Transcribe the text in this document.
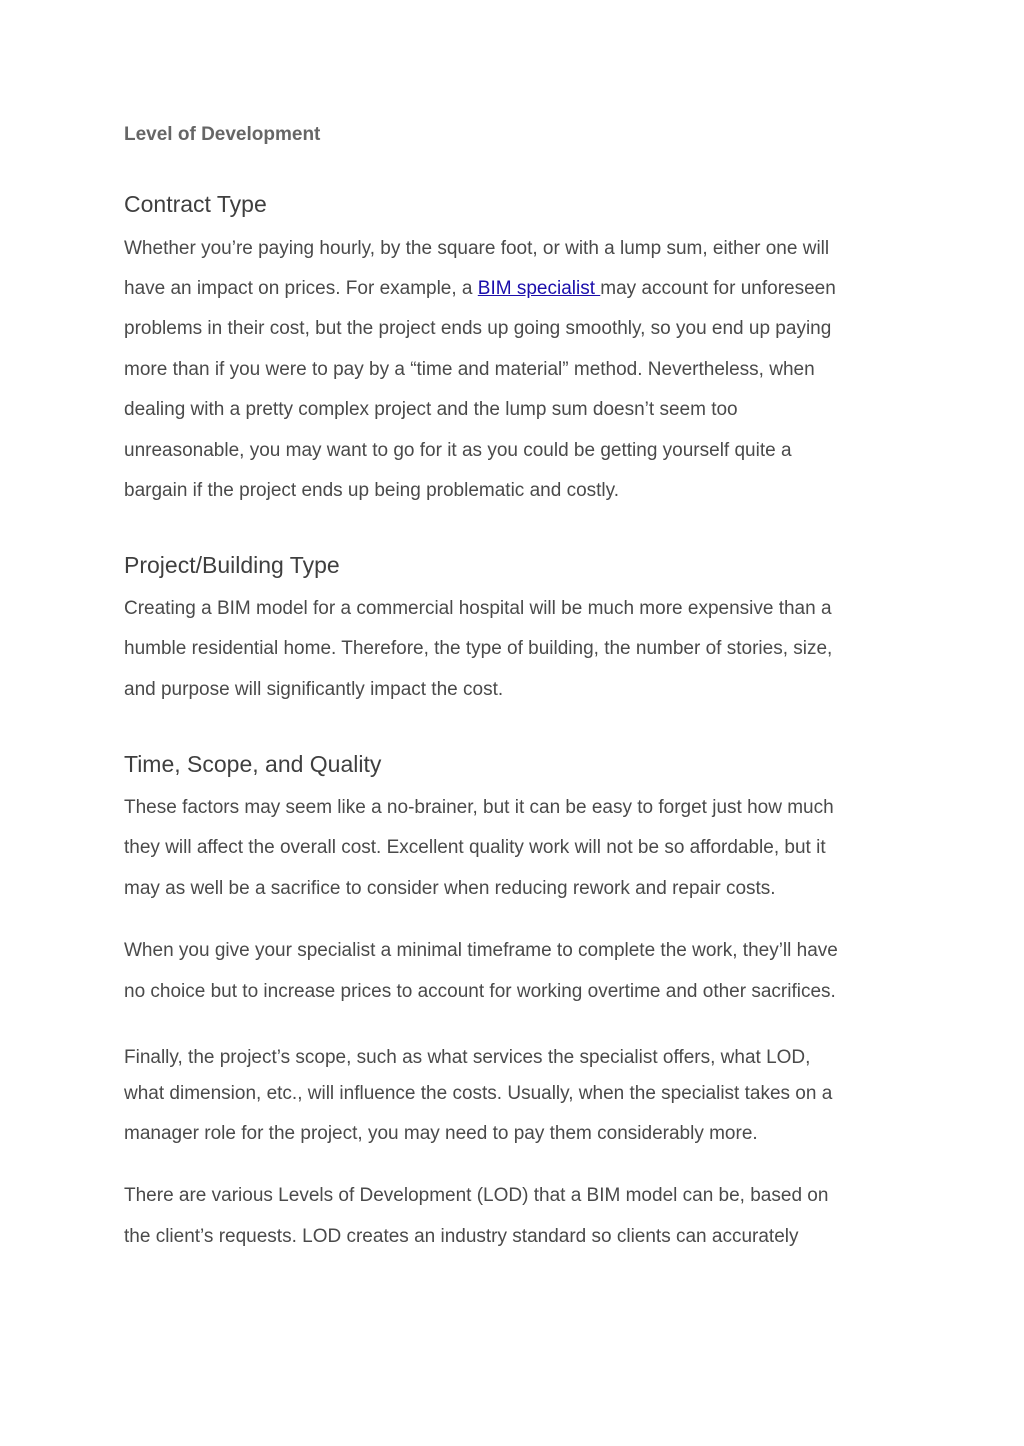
Level of Development
Contract Type
Whether you’re paying hourly, by the square foot, or with a lump sum, either one will
have an impact on prices. For example, a BIM specialist may account for unforeseen
problems in their cost, but the project ends up going smoothly, so you end up paying
more than if you were to pay by a “time and material” method. Nevertheless, when
dealing with a pretty complex project and the lump sum doesn’t seem too
unreasonable, you may want to go for it as you could be getting yourself quite a
bargain if the project ends up being problematic and costly.
Project/Building Type
Creating a BIM model for a commercial hospital will be much more expensive than a
humble residential home. Therefore, the type of building, the number of stories, size,
and purpose will significantly impact the cost.
Time, Scope, and Quality
These factors may seem like a no-brainer, but it can be easy to forget just how much
they will affect the overall cost. Excellent quality work will not be so affordable, but it
may as well be a sacrifice to consider when reducing rework and repair costs.
When you give your specialist a minimal timeframe to complete the work, they’ll have
no choice but to increase prices to account for working overtime and other sacrifices.
Finally, the project’s scope, such as what services the specialist offers, what LOD,
what dimension, etc., will influence the costs. Usually, when the specialist takes on a
manager role for the project, you may need to pay them considerably more.
There are various Levels of Development (LOD) that a BIM model can be, based on
the client’s requests. LOD creates an industry standard so clients can accurately
